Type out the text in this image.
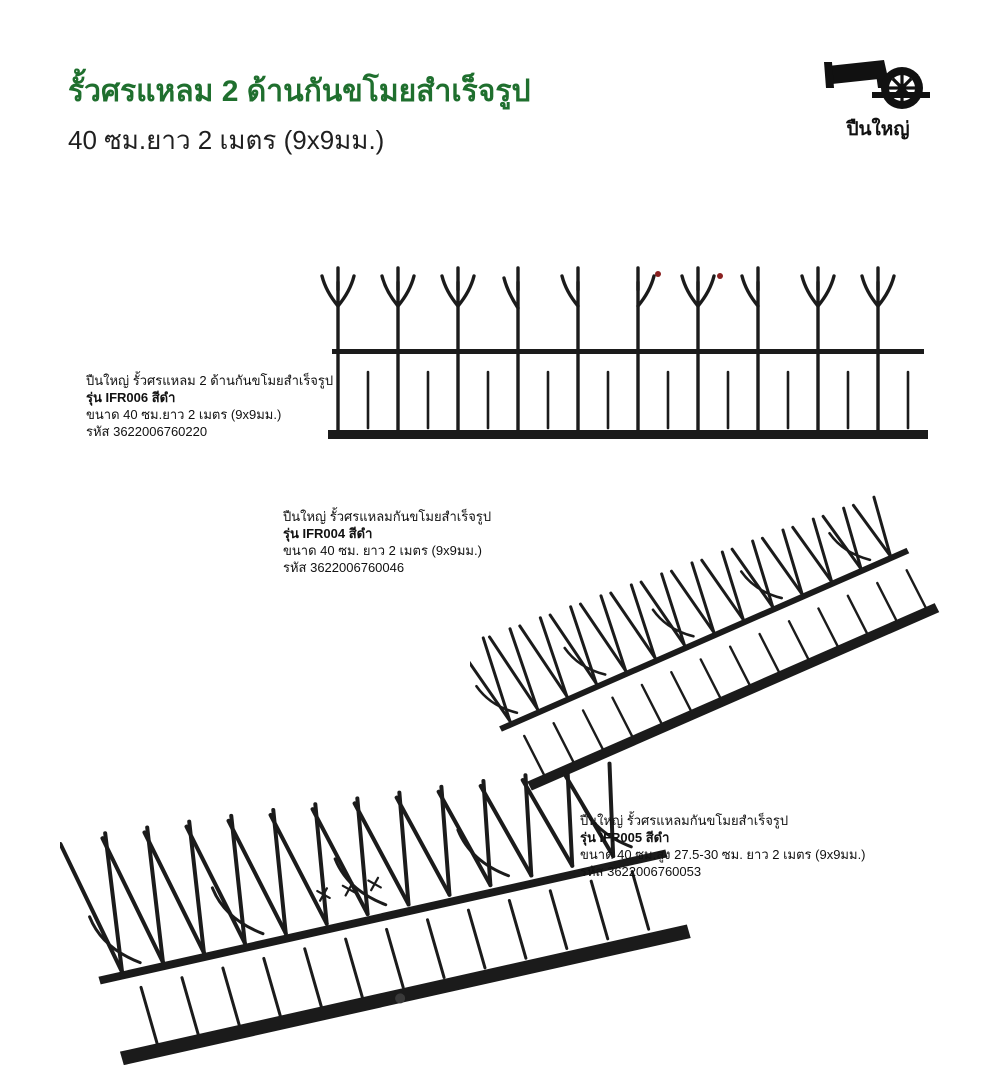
รั้วศรแหลม 2 ด้านกันขโมยสำเร็จรูป
40 ซม.ยาว 2 เมตร (9x9มม.)	ปืนใหญ่
ปืนใหญ่ รั้วศรแหลม 2 ด้านกันขโมยสำเร็จรูป
รุ่น IFR006 สีดำ
ขนาด 40 ซม.ยาว 2 เมตร (9x9มม.)
รหัส 3622006760220
ปืนใหญ่ รั้วศรแหลมกันขโมยสำเร็จรูป
รุ่น IFR004 สีดำ
ขนาด 40 ซม. ยาว 2 เมตร (9x9มม.)
รหัส 3622006760046
ปืนใหญ่ รั้วศรแหลมกันขโมยสำเร็จรูป
รุ่น IFR005 สีดำ
ขนาด 40 ซม.สูง 27.5-30 ซม. ยาว 2 เมตร (9x9มม.)
รหัส 3622006760053
